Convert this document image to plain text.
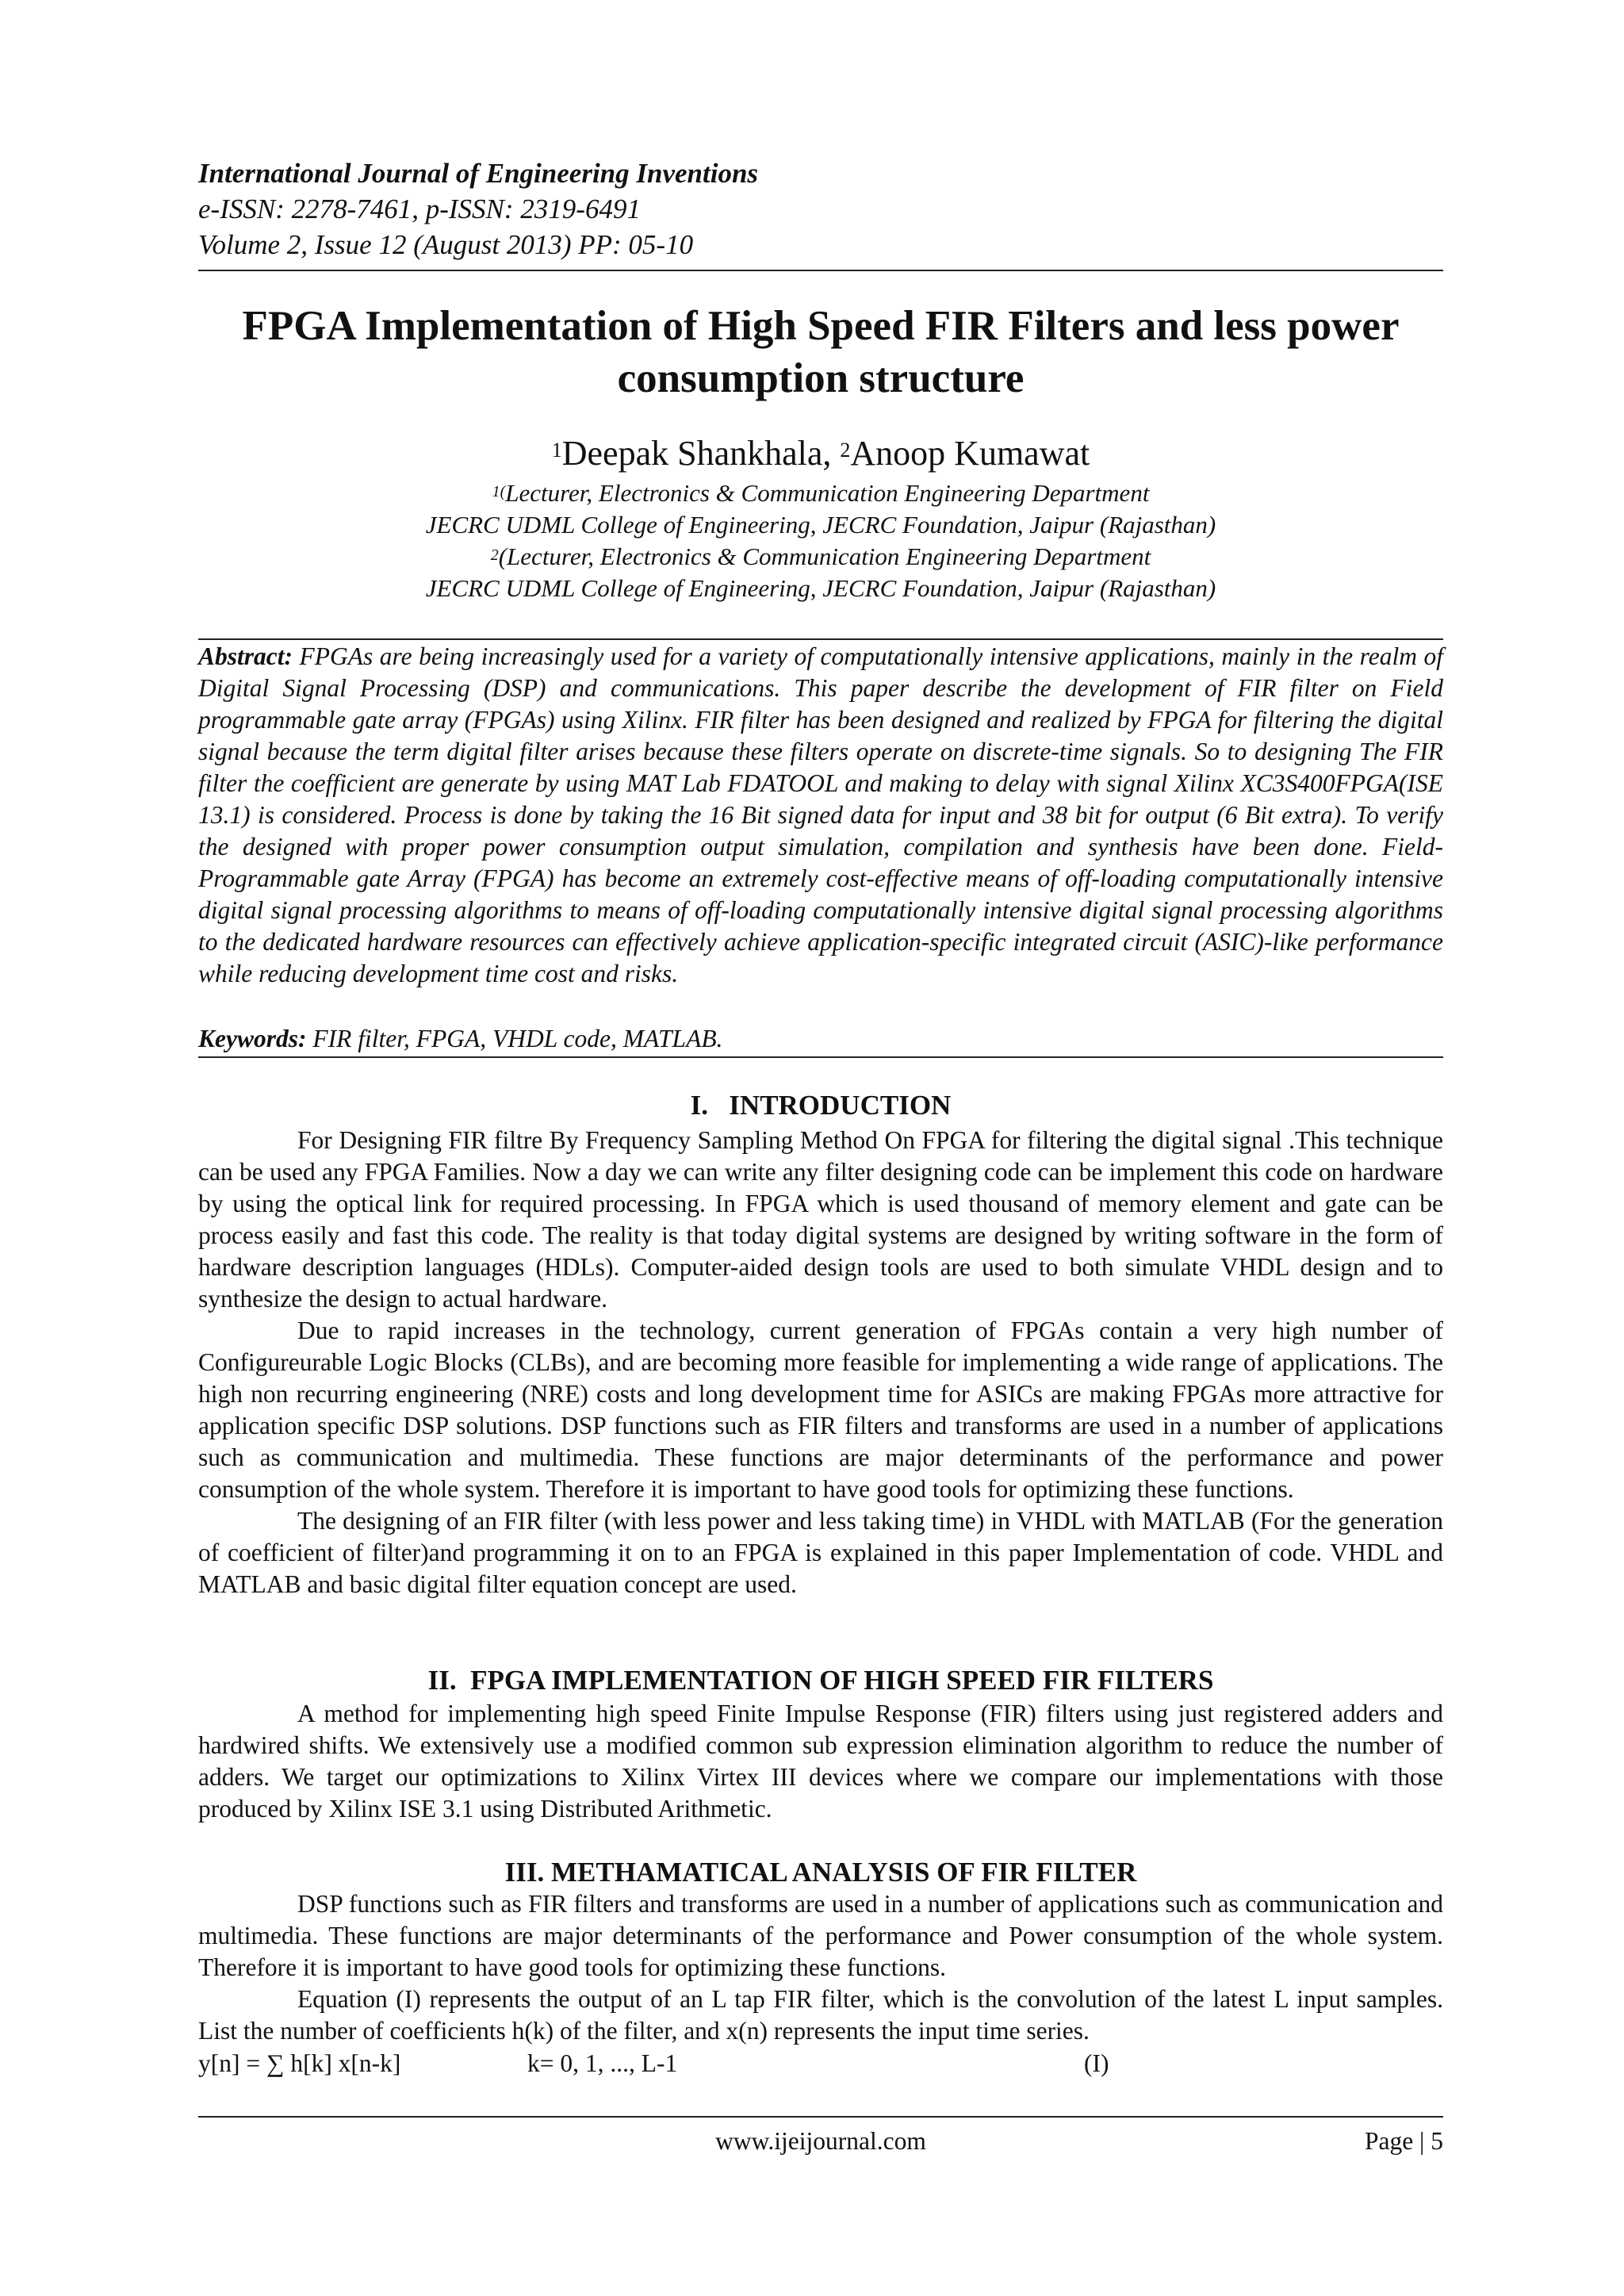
International Journal of Engineering Inventions
e-ISSN: 2278-7461, p-ISSN: 2319-6491
Volume 2, Issue 12 (August 2013) PP: 05-10
FPGA Implementation of High Speed FIR Filters and less power consumption structure
$^1$Deepak Shankhala, $^2$Anoop Kumawat
$^{1(}$Lecturer, Electronics & Communication Engineering Department
JECRC UDML College of Engineering, JECRC Foundation, Jaipur (Rajasthan)
$^2$(Lecturer, Electronics & Communication Engineering Department
JECRC UDML College of Engineering, JECRC Foundation, Jaipur (Rajasthan)
Abstract: FPGAs are being increasingly used for a variety of computationally intensive applications, mainly in the realm of Digital Signal Processing (DSP) and communications. This paper describe the development of FIR filter on Field programmable gate array (FPGAs) using Xilinx. FIR filter has been designed and realized by FPGA for filtering the digital signal because the term digital filter arises because these filters operate on discrete-time signals. So to designing The FIR filter the coefficient are generate by using MAT Lab FDATOOL and making to delay with signal Xilinx XC3S400FPGA(ISE 13.1) is considered. Process is done by taking the 16 Bit signed data for input and 38 bit for output (6 Bit extra). To verify the designed with proper power consumption output simulation, compilation and synthesis have been done. Field-Programmable gate Array (FPGA) has become an extremely cost-effective means of off-loading computationally intensive digital signal processing algorithms to means of off-loading computationally intensive digital signal processing algorithms to the dedicated hardware resources can effectively achieve application-specific integrated circuit (ASIC)-like performance while reducing development time cost and risks.
Keywords: FIR filter, FPGA, VHDL code, MATLAB.
I.   INTRODUCTION

For Designing FIR filtre By Frequency Sampling Method On FPGA for filtering the digital signal .This technique can be used any FPGA Families. Now a day we can write any filter designing code can be implement this code on hardware by using the optical link for required processing. In FPGA which is used thousand of memory element and gate can be process easily and fast this code. The reality is that today digital systems are designed by writing software in the form of hardware description languages (HDLs). Computer-aided design tools are used to both simulate VHDL design and to synthesize the design to actual hardware.

Due to rapid increases in the technology, current generation of FPGAs contain a very high number of Configureurable Logic Blocks (CLBs), and are becoming more feasible for implementing a wide range of applications. The high non recurring engineering (NRE) costs and long development time for ASICs are making FPGAs more attractive for application specific DSP solutions. DSP functions such as FIR filters and transforms are used in a number of applications such as communication and multimedia. These functions are major determinants of the performance and power consumption of the whole system. Therefore it is important to have good tools for optimizing these functions.

The designing of an FIR filter (with less power and less taking time) in VHDL with MATLAB (For the generation of coefficient of filter)and programming it on to an FPGA is explained in this paper Implementation of code. VHDL and MATLAB and basic digital filter equation concept are used.

II.  FPGA IMPLEMENTATION OF HIGH SPEED FIR FILTERS

A method for implementing high speed Finite Impulse Response (FIR) filters using just registered adders and hardwired shifts. We extensively use a modified common sub expression elimination algorithm to reduce the number of adders. We target our optimizations to Xilinx Virtex III devices where we compare our implementations with those produced by Xilinx ISE 3.1 using Distributed Arithmetic.

III. METHAMATICAL ANALYSIS OF FIR FILTER

DSP functions such as FIR filters and transforms are used in a number of applications such as communication and multimedia. These functions are major determinants of the performance and Power consumption of the whole system. Therefore it is important to have good tools for optimizing these functions.

Equation (I) represents the output of an L tap FIR filter, which is the convolution of the latest L input samples. List the number of coefficients h(k) of the filter, and x(n) represents the input time series.

y[n] = ∑ h[k] x[n-k]	k= 0, 1, ..., L-1	(I)
www.ijeijournal.com	Page | 5
